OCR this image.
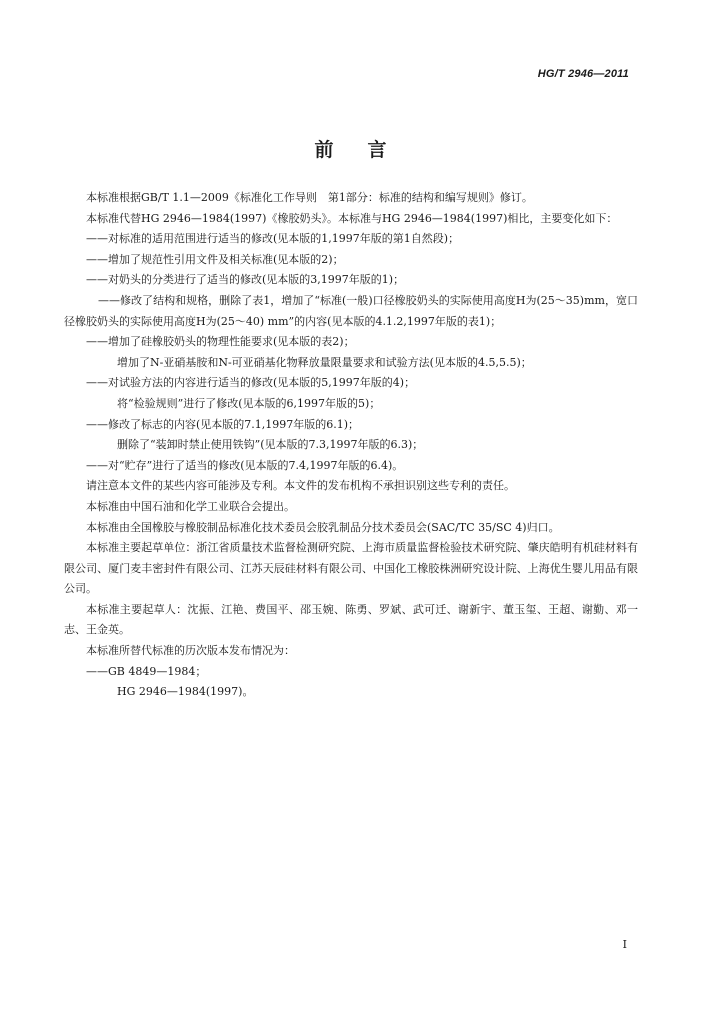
HG/T 2946—2011
前言

本标准根据GB/T 1.1—2009《标准化工作导则　第1部分：标准的结构和编写规则》修订。

本标准代替HG 2946—1984(1997)《橡胶奶头》。本标准与HG 2946—1984(1997)相比，主要变化如下：

——对标准的适用范围进行适当的修改(见本版的1,1997年版的第1自然段)；

——增加了规范性引用文件及相关标准(见本版的2)；

——对奶头的分类进行了适当的修改(见本版的3,1997年版的1)；

——修改了结构和规格，删除了表1，增加了“标准(一般)口径橡胶奶头的实际使用高度H为(25～35)mm，宽口径橡胶奶头的实际使用高度H为(25～40) mm”的内容(见本版的4.1.2,1997年版的表1)；

——增加了硅橡胶奶头的物理性能要求(见本版的表2)；

增加了N-亚硝基胺和N-可亚硝基化物释放量限量要求和试验方法(见本版的4.5,5.5)；

——对试验方法的内容进行适当的修改(见本版的5,1997年版的4)；

将“检验规则”进行了修改(见本版的6,1997年版的5)；

——修改了标志的内容(见本版的7.1,1997年版的6.1)；

删除了“装卸时禁止使用铁钩”(见本版的7.3,1997年版的6.3)；

——对“贮存”进行了适当的修改(见本版的7.4,1997年版的6.4)。

请注意本文件的某些内容可能涉及专利。本文件的发布机构不承担识别这些专利的责任。

本标准由中国石油和化学工业联合会提出。

本标准由全国橡胶与橡胶制品标准化技术委员会胶乳制品分技术委员会(SAC/TC 35/SC 4)归口。

本标准主要起草单位：浙江省质量技术监督检测研究院、上海市质量监督检验技术研究院、肇庆皓明有机硅材料有限公司、厦门麦丰密封件有限公司、江苏天辰硅材料有限公司、中国化工橡胶株洲研究设计院、上海优生婴儿用品有限公司。

本标准主要起草人：沈振、江艳、费国平、邵玉婉、陈勇、罗斌、武可迁、谢新宇、董玉玺、王超、谢勤、邓一志、王金英。

本标准所替代标准的历次版本发布情况为：

——GB 4849—1984；

HG 2946—1984(1997)。

I
